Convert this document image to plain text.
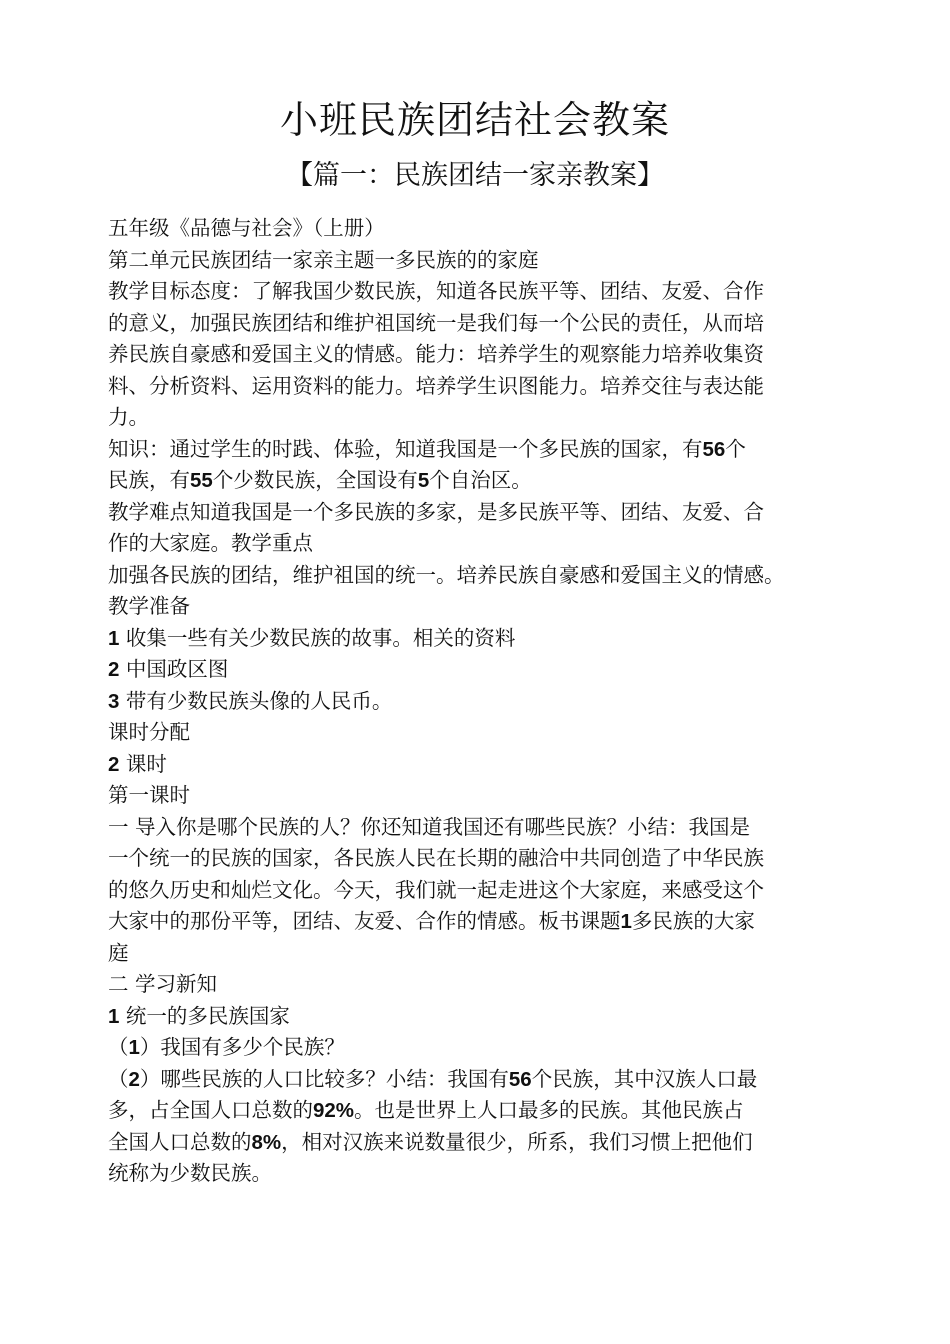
小班民族团结社会教案
【篇一：民族团结一家亲教案】

五年级《品德与社会》（上册）

第二单元民族团结一家亲主题一多民族的的家庭

教学目标态度：了解我国少数民族，知道各民族平等、团结、友爱、合作

的意义，加强民族团结和维护祖国统一是我们每一个公民的责任，从而培

养民族自豪感和爱国主义的情感。能力：培养学生的观察能力培养收集资

料、分析资料、运用资料的能力。培养学生识图能力。培养交往与表达能

力。

知识：通过学生的时践、体验，知道我国是一个多民族的国家，有56个

民族，有55个少数民族，全国设有5个自治区。

教学难点知道我国是一个多民族的多家，是多民族平等、团结、友爱、合

作的大家庭。教学重点

加强各民族的团结，维护祖国的统一。培养民族自豪感和爱国主义的情感。

教学准备

1 收集一些有关少数民族的故事。相关的资料

2 中国政区图

3 带有少数民族头像的人民币。

课时分配

2 课时

第一课时

一 导入你是哪个民族的人？你还知道我国还有哪些民族？小结：我国是

一个统一的民族的国家，各民族人民在长期的融洽中共同创造了中华民族

的悠久历史和灿烂文化。今天，我们就一起走进这个大家庭，来感受这个

大家中的那份平等，团结、友爱、合作的情感。板书课题1多民族的大家

庭

二 学习新知

1 统一的多民族国家

（1）我国有多少个民族？

（2）哪些民族的人口比较多？小结：我国有56个民族，其中汉族人口最

多，占全国人口总数的92%。也是世界上人口最多的民族。其他民族占

全国人口总数的8%，相对汉族来说数量很少，所系，我们习惯上把他们

统称为少数民族。
